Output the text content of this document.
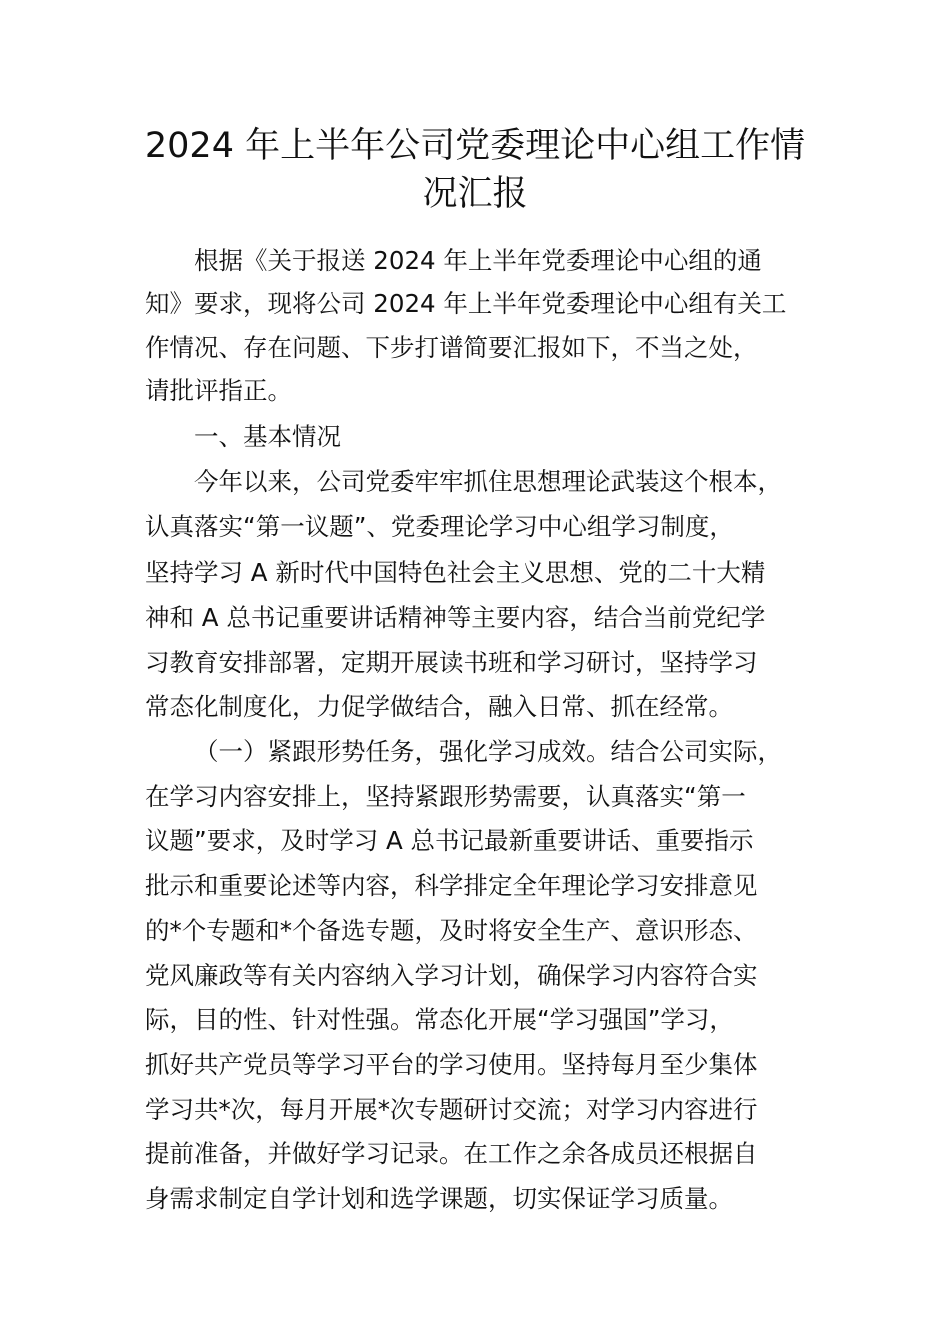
2024 年上半年公司党委理论中心组工作情
况汇报

根据《关于报送 2024 年上半年党委理论中心组的通

知》要求，现将公司 2024 年上半年党委理论中心组有关工

作情况、存在问题、下步打谱简要汇报如下，不当之处，

请批评指正。

一、基本情况

今年以来，公司党委牢牢抓住思想理论武装这个根本，

认真落实“第一议题”、党委理论学习中心组学习制度，

坚持学习 A 新时代中国特色社会主义思想、党的二十大精

神和 A 总书记重要讲话精神等主要内容，结合当前党纪学

习教育安排部署，定期开展读书班和学习研讨，坚持学习

常态化制度化，力促学做结合，融入日常、抓在经常。

（一）紧跟形势任务，强化学习成效。结合公司实际，

在学习内容安排上，坚持紧跟形势需要，认真落实“第一

议题”要求，及时学习 A 总书记最新重要讲话、重要指示

批示和重要论述等内容，科学排定全年理论学习安排意见

的*个专题和*个备选专题，及时将安全生产、意识形态、

党风廉政等有关内容纳入学习计划，确保学习内容符合实

际，目的性、针对性强。常态化开展“学习强国”学习，

抓好共产党员等学习平台的学习使用。坚持每月至少集体

学习共*次，每月开展*次专题研讨交流；对学习内容进行

提前准备，并做好学习记录。在工作之余各成员还根据自

身需求制定自学计划和选学课题，切实保证学习质量。
